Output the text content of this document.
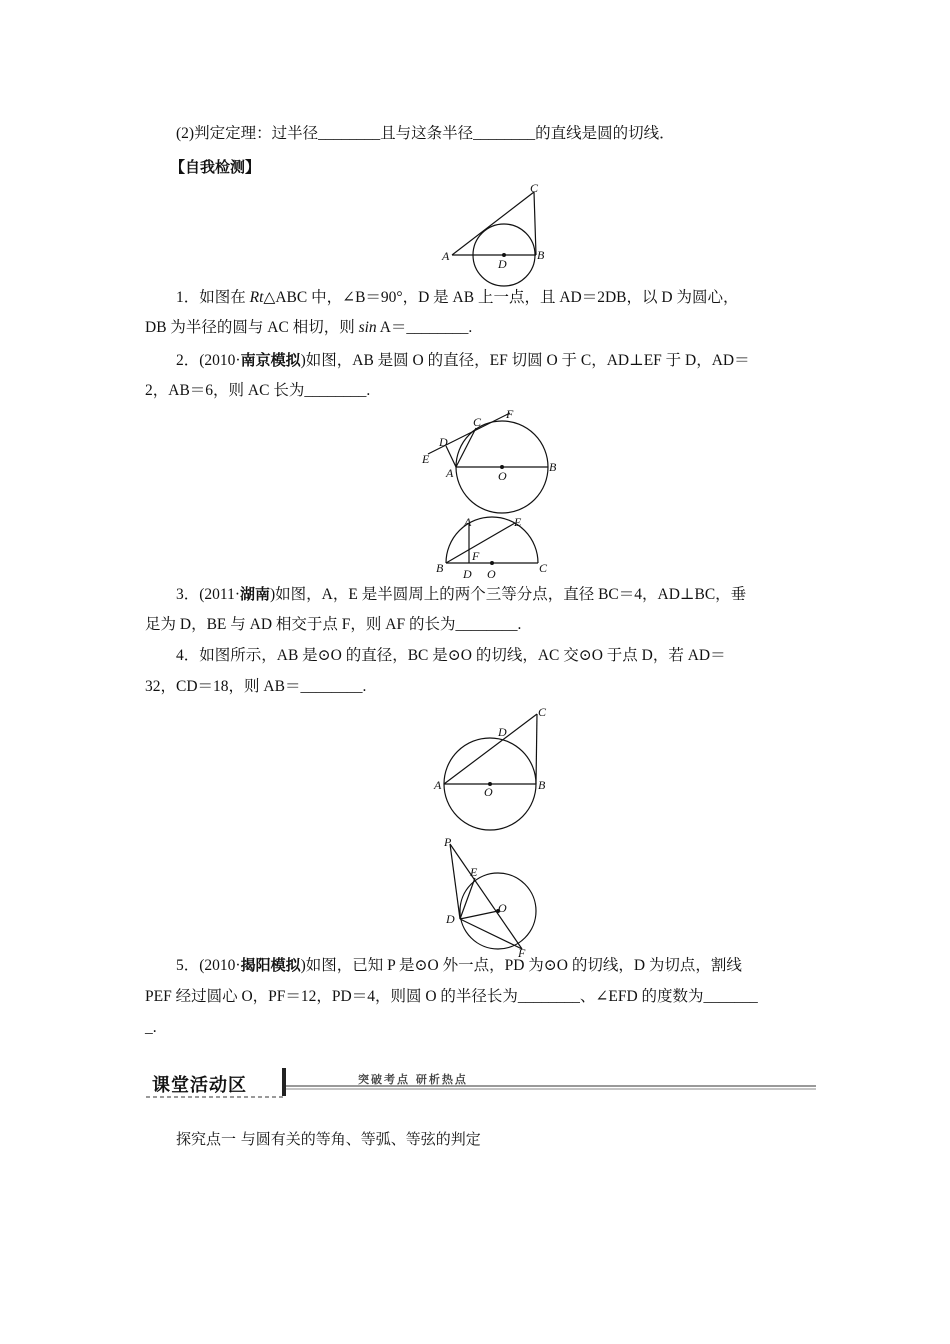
(2)判定定理：过半径________且与这条半径________的直线是圆的切线．
【自我检测】
A	B
C
D
1．如图在 Rt△ABC 中，∠B＝90°，D 是 AB 上一点，且 AD＝2DB，以 D 为圆心，
DB 为半径的圆与 AC 相切，则 sin A＝________.
2．(2010·南京模拟)如图，AB 是圆 O 的直径，EF 切圆 O 于 C，AD⊥EF 于 D，AD＝
2，AB＝6，则 AC 长为________.
A	B
C
D
E
F
O
A
B	C
D
E
F
O
3．(2011·湖南)如图，A，E 是半圆周上的两个三等分点，直径 BC＝4，AD⊥BC，垂
足为 D，BE 与 AD 相交于点 F，则 AF 的长为________.
4．如图所示，AB 是⊙O 的直径，BC 是⊙O 的切线，AC 交⊙O 于点 D，若 AD＝
32，CD＝18，则 AB＝________.
A	B
C
D
O
P
E
O
D
F
5．(2010·揭阳模拟)如图，已知 P 是⊙O 外一点，PD 为⊙O 的切线，D 为切点，割线
PEF 经过圆心 O，PF＝12，PD＝4，则圆 O 的半径长为________、∠EFD 的度数为_______
_.
课堂活动区	突破考点 研析热点
探究点一 与圆有关的等角、等弧、等弦的判定
